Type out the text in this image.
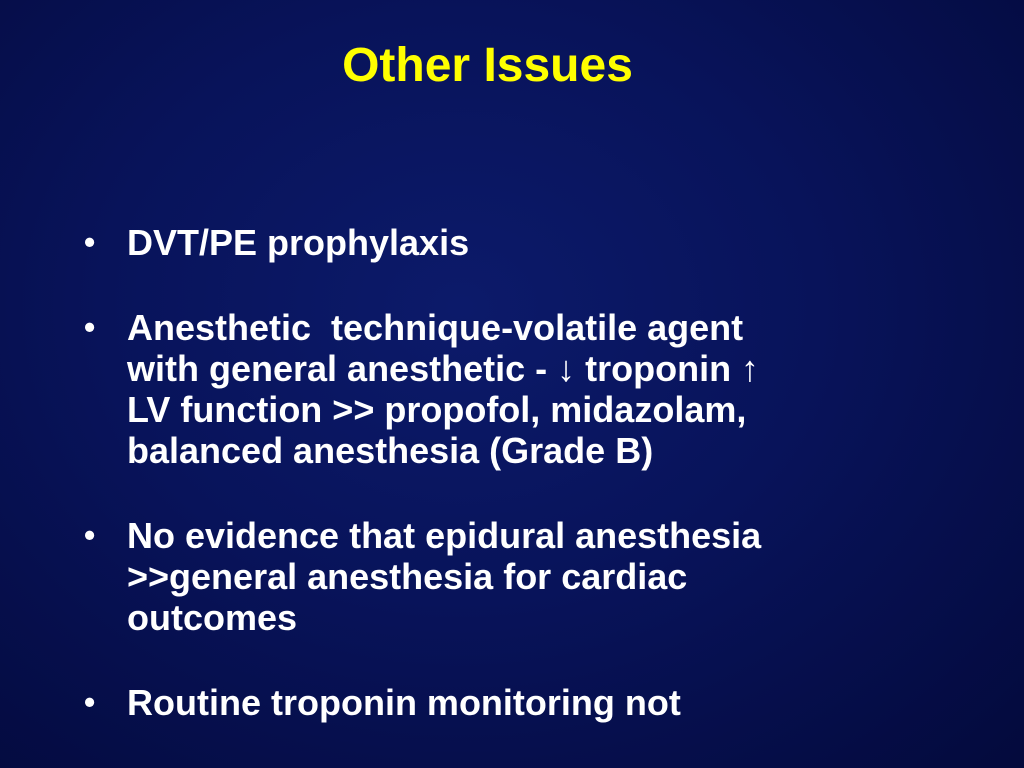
Other Issues
• DVT/PE prophylaxis
• Anesthetic  technique-volatile agent
with general anesthetic - ↓ troponin ↑
LV function >> propofol, midazolam,
balanced anesthesia (Grade B)
• No evidence that epidural anesthesia
>>general anesthesia for cardiac
outcomes
• Routine troponin monitoring not
